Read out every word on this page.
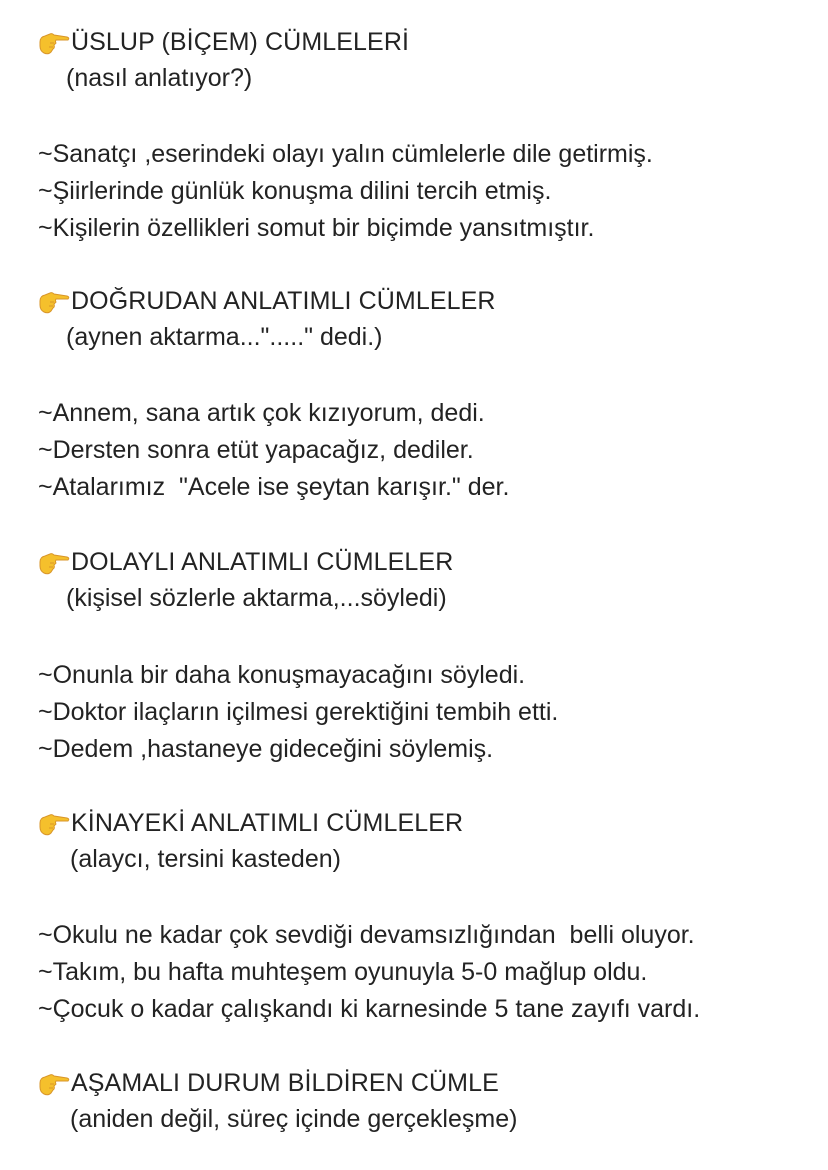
ÜSLUP (BİÇEM) CÜMLELERİ
(nasıl anlatıyor?)
~Sanatçı ,eserindeki olayı yalın cümlelerle dile getirmiş.
~Şiirlerinde günlük konuşma dilini tercih etmiş.
~Kişilerin özellikleri somut bir biçimde yansıtmıştır.
DOĞRUDAN ANLATIMLI CÜMLELER
(aynen aktarma..."....." dedi.)
~Annem, sana artık çok kızıyorum, dedi.
~Dersten sonra etüt yapacağız, dediler.
~Atalarımız  "Acele ise şeytan karışır." der.
DOLAYLI ANLATIMLI CÜMLELER
(kişisel sözlerle aktarma,...söyledi)
~Onunla bir daha konuşmayacağını söyledi.
~Doktor ilaçların içilmesi gerektiğini tembih etti.
~Dedem ,hastaneye gideceğini söylemiş.
KİNAYEKİ ANLATIMLI CÜMLELER
(alaycı, tersini kasteden)
~Okulu ne kadar çok sevdiği devamsızlığından  belli oluyor.
~Takım, bu hafta muhteşem oyunuyla 5-0 mağlup oldu.
~Çocuk o kadar çalışkandı ki karnesinde 5 tane zayıfı vardı.
AŞAMALI DURUM BİLDİREN CÜMLE
(aniden değil, süreç içinde gerçekleşme)
